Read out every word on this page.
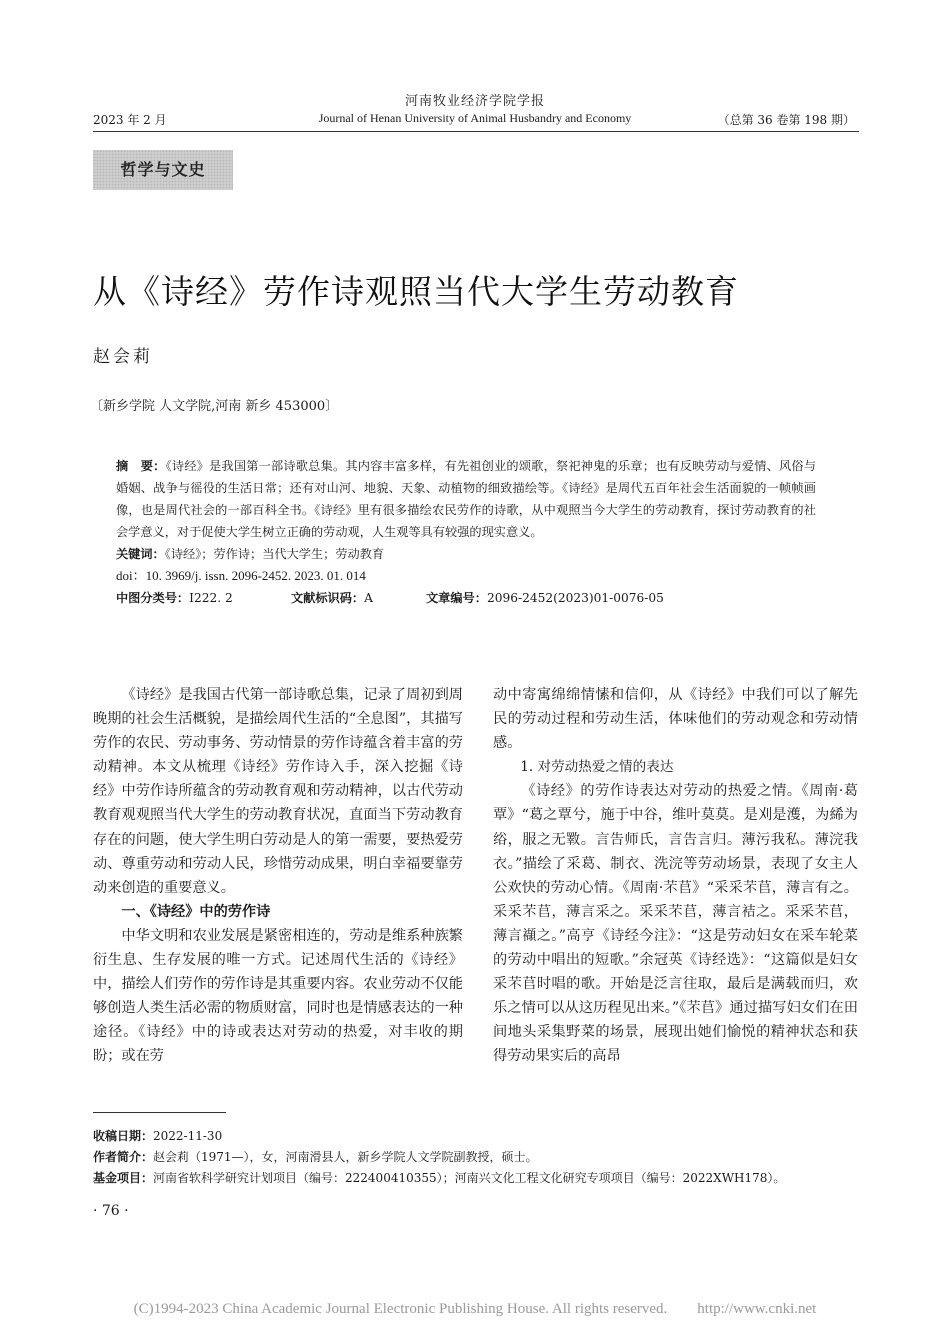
河南牧业经济学院学报
2023 年 2 月	Journal of Henan University of Animal Husbandry and Economy	（总第 36 卷第 198 期）
哲学与文史
从《诗经》劳作诗观照当代大学生劳动教育
赵会莉
〔新乡学院 人文学院,河南 新乡 453000〕

摘　要：《诗经》是我国第一部诗歌总集。其内容丰富多样，有先祖创业的颂歌，祭祀神鬼的乐章；也有反映劳动与爱情、风俗与婚姻、战争与徭役的生活日常；还有对山河、地貌、天象、动植物的细致描绘等。《诗经》是周代五百年社会生活面貌的一帧帧画像，也是周代社会的一部百科全书。《诗经》里有很多描绘农民劳作的诗歌，从中观照当今大学生的劳动教育，探讨劳动教育的社会学意义，对于促使大学生树立正确的劳动观，人生观等具有较强的现实意义。

关键词：《诗经》；劳作诗；当代大学生；劳动教育

doi：10. 3969/j. issn. 2096-2452. 2023. 01. 014

中图分类号：I222. 2	文献标识码：A	文章编号：2096-2452(2023)01-0076-05

《诗经》是我国古代第一部诗歌总集，记录了周初到周晚期的社会生活概貌，是描绘周代生活的“全息图”，其描写劳作的农民、劳动事务、劳动情景的劳作诗蕴含着丰富的劳动精神。本文从梳理《诗经》劳作诗入手，深入挖掘《诗经》中劳作诗所蕴含的劳动教育观和劳动精神，以古代劳动教育观观照当代大学生的劳动教育状况，直面当下劳动教育存在的问题，使大学生明白劳动是人的第一需要，要热爱劳动、尊重劳动和劳动人民，珍惜劳动成果，明白幸福要靠劳动来创造的重要意义。

一、《诗经》中的劳作诗

中华文明和农业发展是紧密相连的，劳动是维系种族繁衍生息、生存发展的唯一方式。记述周代生活的《诗经》中，描绘人们劳作的劳作诗是其重要内容。农业劳动不仅能够创造人类生活必需的物质财富，同时也是情感表达的一种途径。《诗经》中的诗或表达对劳动的热爱，对丰收的期盼；或在劳

动中寄寓绵绵情愫和信仰，从《诗经》中我们可以了解先民的劳动过程和劳动生活，体味他们的劳动观念和劳动情感。

1. 对劳动热爱之情的表达

《诗经》的劳作诗表达对劳动的热爱之情。《周南·葛覃》“葛之覃兮，施于中谷，维叶莫莫。是刈是濩，为絺为绤，服之无斁。言告师氏，言告言归。薄污我私。薄浣我衣。”描绘了采葛、制衣、洗浣等劳动场景，表现了女主人公欢快的劳动心情。《周南·芣苢》“采采芣苢，薄言有之。采采芣苢，薄言采之。采采芣苢，薄言袺之。采采芣苢，薄言襭之。”高亨《诗经今注》：“这是劳动妇女在采车轮菜的劳动中唱出的短歌。”余冠英《诗经选》：“这篇似是妇女采芣苢时唱的歌。开始是泛言往取，最后是满载而归，欢乐之情可以从这历程见出来。”《芣苢》通过描写妇女们在田间地头采集野菜的场景，展现出她们愉悦的精神状态和获得劳动果实后的高昂

收稿日期：2022-11-30

作者简介：赵会莉（1971—），女，河南滑县人，新乡学院人文学院副教授，硕士。

基金项目：河南省软科学研究计划项目（编号：222400410355）；河南兴文化工程文化研究专项项目（编号：2022XWH178）。

· 76 ·
(C)1994-2023 China Academic Journal Electronic Publishing House. All rights reserved.　　http://www.cnki.net
